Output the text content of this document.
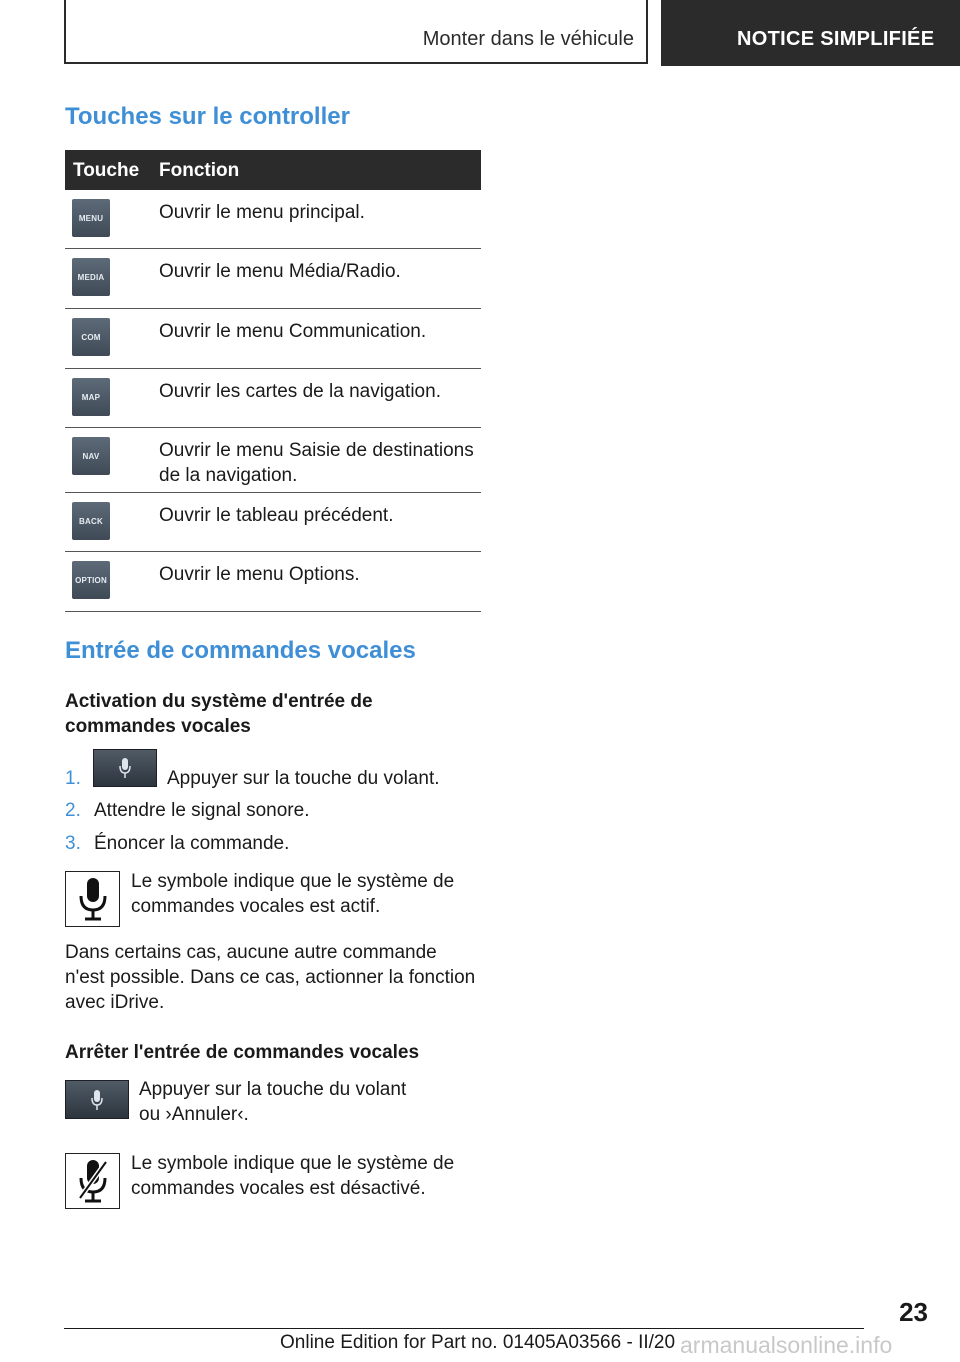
Monter dans le véhicule	NOTICE SIMPLIFIÉE
Touches sur le controller
Touche Fonction
MENU	Ouvrir le menu principal.
MEDIA	Ouvrir le menu Média/Radio.
COM	Ouvrir le menu Communication.
MAP	Ouvrir les cartes de la navigation.
NAV	Ouvrir le menu Saisie de destinations de la navigation.
BACK	Ouvrir le tableau précédent.
OPTION	Ouvrir le menu Options.
Entrée de commandes vocales
Activation du système d'entrée de commandes vocales
1.	Appuyer sur la touche du volant.
2. Attendre le signal sonore.
3. Énoncer la commande.
Le symbole indique que le système de commandes vocales est actif.
Dans certains cas, aucune autre commande n'est possible. Dans ce cas, actionner la fonction avec iDrive.
Arrêter l'entrée de commandes vocales
Appuyer sur la touche du volant ou ›Annuler‹.
Le symbole indique que le système de commandes vocales est désactivé.
23
Online Edition for Part no. 01405A03566 - II/20 armanualsonline.info
